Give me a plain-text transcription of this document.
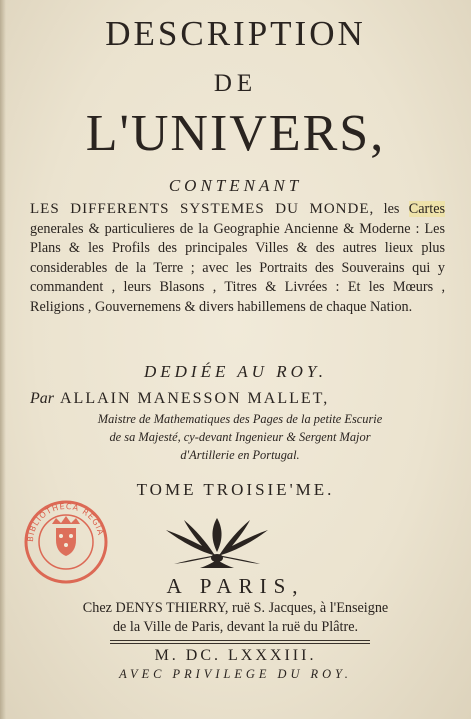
DESCRIPTION
DE
L'UNIVERS,
CONTENANT
LES DIFFERENTS SYSTEMES DU MONDE, les Cartes generales & particulieres de la Geographie Ancienne & Moderne : Les Plans & les Profils des principales Villes & des autres lieux plus considerables de la Terre ; avec les Portraits des Souverains qui y commandent , leurs Blasons , Titres & Livrées : Et les Mœurs , Religions , Gouvernemens & divers habillemens de chaque Nation.
DEDIÉE AU ROY.
Par ALLAIN MANESSON MALLET,
Maistre de Mathematiques des Pages de la petite Escurie
de sa Majesté, cy-devant Ingenieur & Sergent Major
d'Artillerie en Portugal.
TOME TROISIE'ME.
BIBLIOTHECA REGIA
A PARIS,
Chez DENYS THIERRY, ruë S. Jacques, à l'Enseigne
de la Ville de Paris, devant la ruë du Plâtre.
M. DC. LXXXIII.
AVEC PRIVILEGE DU ROY.
